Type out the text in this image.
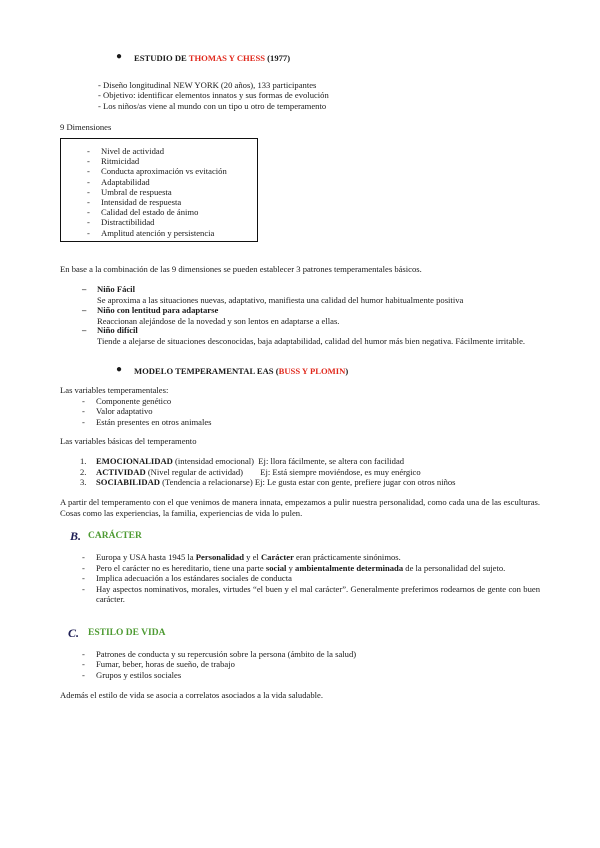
● ESTUDIO DE THOMAS Y CHESS (1977)
- Diseño longitudinal NEW YORK (20 años), 133 participantes
- Objetivo: identificar elementos innatos y sus formas de evolución
- Los niños/as viene al mundo con un tipo u otro de temperamento
9 Dimensiones
- Nivel de actividad
- Ritmicidad
- Conducta aproximación vs evitación
- Adaptabilidad
- Umbral de respuesta
- Intensidad de respuesta
- Calidad del estado de ánimo
- Distractibilidad
- Amplitud atención y persistencia
En base a la combinación de las 9 dimensiones se pueden establecer 3 patrones temperamentales básicos.
– Niño Fácil
Se aproxima a las situaciones nuevas, adaptativo, manifiesta una calidad del humor habitualmente positiva
– Niño con lentitud para adaptarse
Reaccionan alejándose de la novedad y son lentos en adaptarse a ellas.
– Niño difícil
Tiende a alejarse de situaciones desconocidas, baja adaptabilidad, calidad del humor más bien negativa. Fácilmente irritable.
● MODELO TEMPERAMENTAL EAS (BUSS Y PLOMIN)
Las variables temperamentales:
- Componente genético
- Valor adaptativo
- Están presentes en otros animales
Las variables básicas del temperamento
1. EMOCIONALIDAD (intensidad emocional)  Ej: llora fácilmente, se altera con facilidad
2. ACTIVIDAD (Nivel regular de actividad)        Ej: Está siempre moviéndose, es muy enérgico
3. SOCIABILIDAD (Tendencia a relacionarse) Ej: Le gusta estar con gente, prefiere jugar con otros niños
A partir del temperamento con el que venimos de manera innata, empezamos a pulir nuestra personalidad, como cada una de las esculturas. Cosas como las experiencias, la familia, experiencias de vida lo pulen.
B. CARÁCTER
-	Europa y USA hasta 1945 la Personalidad y el Carácter eran prácticamente sinónimos.
-	Pero el carácter no es hereditario, tiene una parte social y ambientalmente determinada de la personalidad del sujeto.
-	Implica adecuación a los estándares sociales de conducta
-	Hay aspectos nominativos, morales, virtudes “el buen y el mal carácter”. Generalmente preferimos rodearnos de gente con buen carácter.
C. ESTILO DE VIDA
- Patrones de conducta y su repercusión sobre la persona (ámbito de la salud)
- Fumar, beber, horas de sueño, de trabajo
- Grupos y estilos sociales
Además el estilo de vida se asocia a correlatos asociados a la vida saludable.
